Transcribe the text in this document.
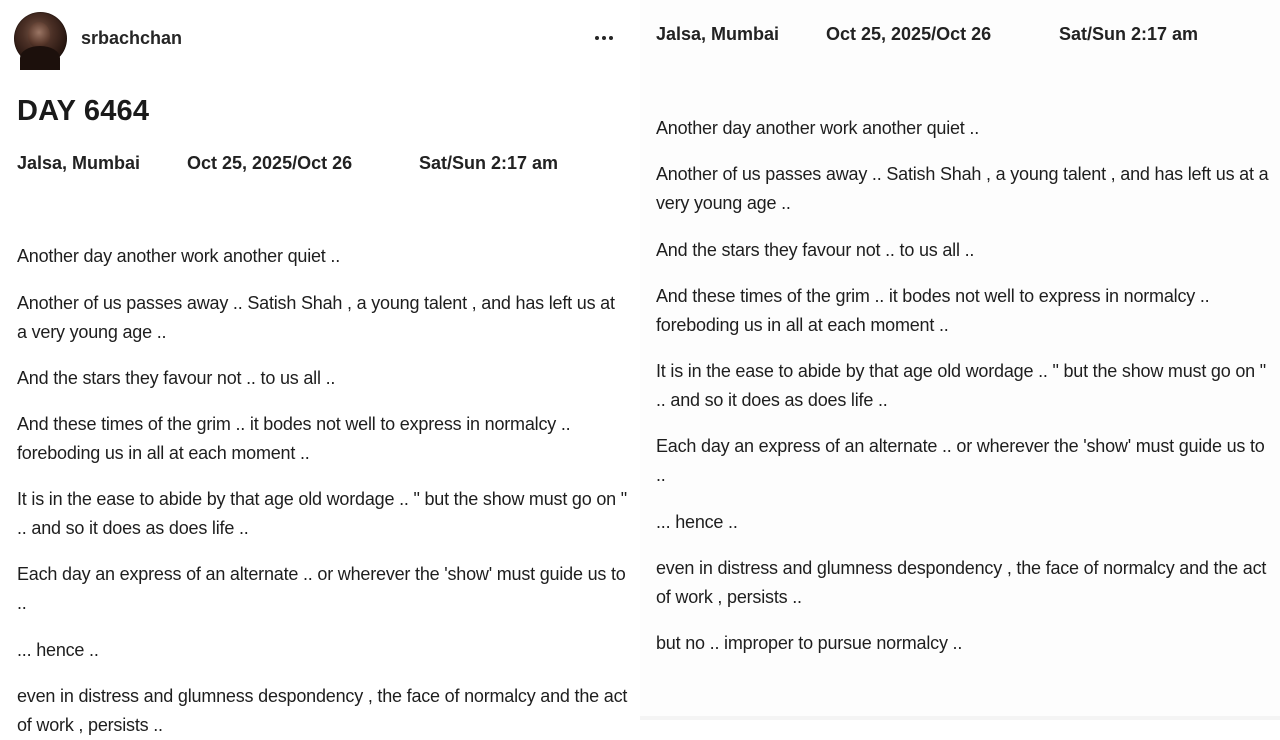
srbachchan
DAY 6464
Jalsa, Mumbai	Oct 25, 2025/Oct 26	Sat/Sun 2:17 am

Another day another work another quiet ..

Another of us passes away .. Satish Shah , a young talent , and has left us at a very young age ..

And the stars they favour not .. to us all ..

And these times of the grim .. it bodes not well to express in normalcy .. foreboding us in all at each moment ..

It is in the ease to abide by that age old wordage .. " but the show must go on " .. and so it does as does life ..

Each day an express of an alternate .. or wherever the 'show' must guide us to ..

... hence ..

even in distress and glumness despondency , the face of normalcy and the act of work , persists ..

Jalsa, Mumbai	Oct 25, 2025/Oct 26	Sat/Sun 2:17 am

Another day another work another quiet ..

Another of us passes away .. Satish Shah , a young talent , and has left us at a very young age ..

And the stars they favour not .. to us all ..

And these times of the grim .. it bodes not well to express in normalcy .. foreboding us in all at each moment ..

It is in the ease to abide by that age old wordage .. " but the show must go on " .. and so it does as does life ..

Each day an express of an alternate .. or wherever the 'show' must guide us to ..

... hence ..

even in distress and glumness despondency , the face of normalcy and the act of work , persists ..

but no .. improper to pursue normalcy ..
